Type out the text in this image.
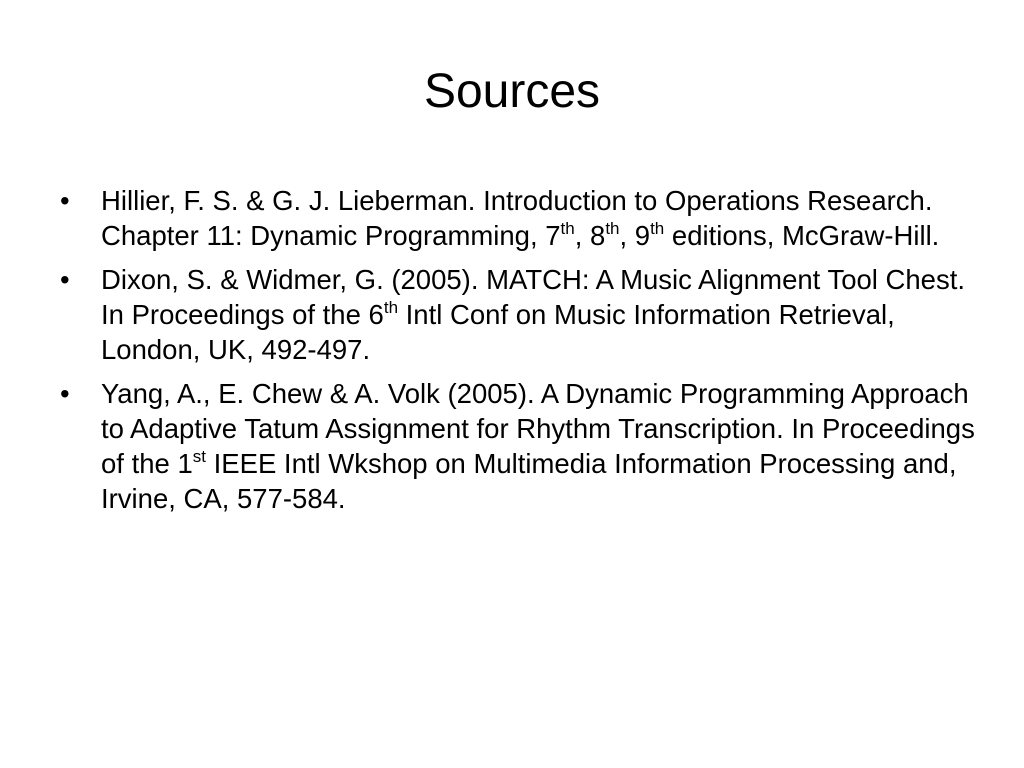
Sources
• Hillier, F. S. & G. J. Lieberman. Introduction to Operations Research. Chapter 11: Dynamic Programming, 7th, 8th, 9th editions, McGraw-Hill.
• Dixon, S. & Widmer, G. (2005). MATCH: A Music Alignment Tool Chest. In Proceedings of the 6th Intl Conf on Music Information Retrieval, London, UK, 492-497.
• Yang, A., E. Chew & A. Volk (2005). A Dynamic Programming Approach to Adaptive Tatum Assignment for Rhythm Transcription. In Proceedings of the 1st IEEE Intl Wkshop on Multimedia Information Processing and, Irvine, CA, 577-584.
